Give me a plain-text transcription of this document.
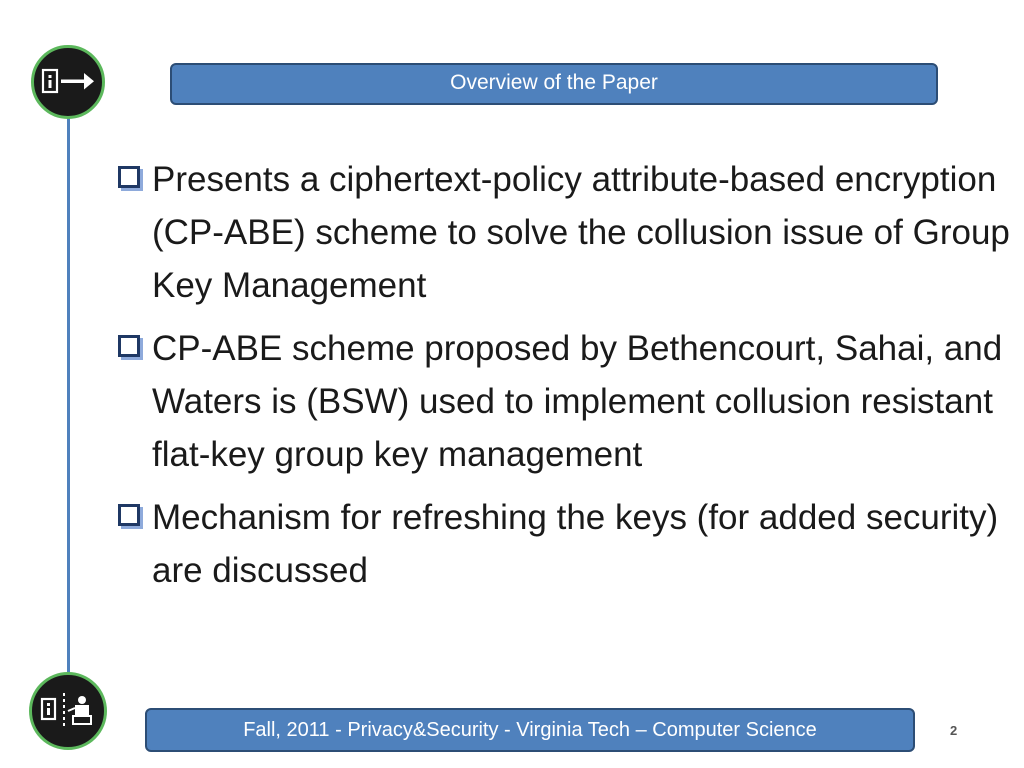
Overview of the Paper
Presents a ciphertext-policy attribute-based encryption (CP-ABE) scheme to solve the collusion issue of Group Key Management
CP-ABE scheme proposed by Bethencourt, Sahai, and Waters is (BSW) used to implement collusion resistant flat-key group key management
Mechanism for refreshing the keys (for added security) are discussed
Fall, 2011 - Privacy&Security - Virginia Tech – Computer Science	2
